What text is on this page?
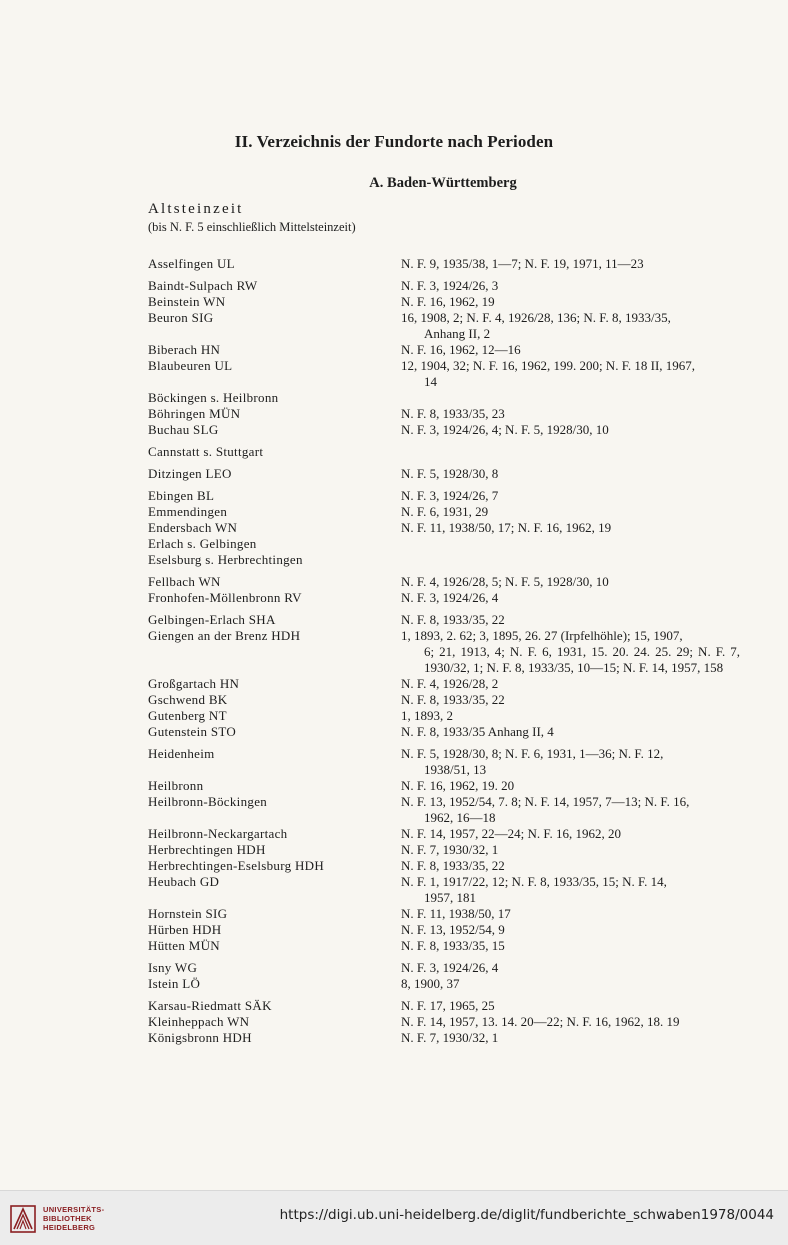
II. Verzeichnis der Fundorte nach Perioden
A. Baden-Württemberg
Altsteinzeit
(bis N. F. 5 einschließlich Mittelsteinzeit)
Asselfingen UL	N. F. 9, 1935/38, 1—7; N. F. 19, 1971, 11—23
Baindt-Sulpach RW	N. F. 3, 1924/26, 3
Beinstein WN	N. F. 16, 1962, 19
Beuron SIG	16, 1908, 2; N. F. 4, 1926/28, 136; N. F. 8, 1933/35,
Anhang II, 2
Biberach HN	N. F. 16, 1962, 12—16
Blaubeuren UL	12, 1904, 32; N. F. 16, 1962, 199. 200; N. F. 18 II, 1967,
14
Böckingen s. Heilbronn
Böhringen MÜN	N. F. 8, 1933/35, 23
Buchau SLG	N. F. 3, 1924/26, 4; N. F. 5, 1928/30, 10
Cannstatt s. Stuttgart
Ditzingen LEO	N. F. 5, 1928/30, 8
Ebingen BL	N. F. 3, 1924/26, 7
Emmendingen	N. F. 6, 1931, 29
Endersbach WN	N. F. 11, 1938/50, 17; N. F. 16, 1962, 19
Erlach s. Gelbingen
Eselsburg s. Herbrechtingen
Fellbach WN	N. F. 4, 1926/28, 5; N. F. 5, 1928/30, 10
Fronhofen-Möllenbronn RV	N. F. 3, 1924/26, 4
Gelbingen-Erlach SHA	N. F. 8, 1933/35, 22
Giengen an der Brenz HDH	1, 1893, 2. 62; 3, 1895, 26. 27 (Irpfelhöhle); 15, 1907,
6; 21, 1913, 4; N. F. 6, 1931, 15. 20. 24. 25. 29; N. F. 7, 1930/32, 1; N. F. 8, 1933/35, 10—15; N. F. 14, 1957, 158
Großgartach HN	N. F. 4, 1926/28, 2
Gschwend BK	N. F. 8, 1933/35, 22
Gutenberg NT	1, 1893, 2
Gutenstein STO	N. F. 8, 1933/35 Anhang II, 4
Heidenheim	N. F. 5, 1928/30, 8; N. F. 6, 1931, 1—36; N. F. 12,
1938/51, 13
Heilbronn	N. F. 16, 1962, 19. 20
Heilbronn-Böckingen	N. F. 13, 1952/54, 7. 8; N. F. 14, 1957, 7—13; N. F. 16,
1962, 16—18
Heilbronn-Neckargartach	N. F. 14, 1957, 22—24; N. F. 16, 1962, 20
Herbrechtingen HDH	N. F. 7, 1930/32, 1
Herbrechtingen-Eselsburg HDH	N. F. 8, 1933/35, 22
Heubach GD	N. F. 1, 1917/22, 12; N. F. 8, 1933/35, 15; N. F. 14,
1957, 181
Hornstein SIG	N. F. 11, 1938/50, 17
Hürben HDH	N. F. 13, 1952/54, 9
Hütten MÜN	N. F. 8, 1933/35, 15
Isny WG	N. F. 3, 1924/26, 4
Istein LÖ	8, 1900, 37
Karsau-Riedmatt SÄK	N. F. 17, 1965, 25
Kleinheppach WN	N. F. 14, 1957, 13. 14. 20—22; N. F. 16, 1962, 18. 19
Königsbronn HDH	N. F. 7, 1930/32, 1
UNIVERSITÄTS-
BIBLIOTHEK
HEIDELBERG
https://digi.ub.uni-heidelberg.de/diglit/fundberichte_schwaben1978/0044
